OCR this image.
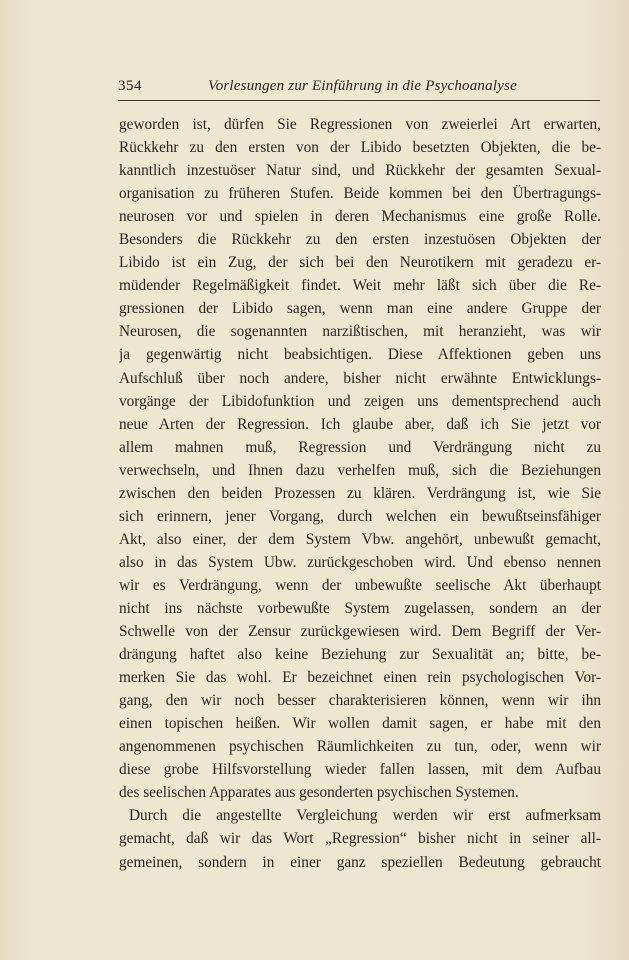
354	Vorlesungen zur Einführung in die Psychoanalyse
geworden ist, dürfen Sie Regressionen von zweierlei Art erwarten,
Rückkehr zu den ersten von der Libido besetzten Objekten, die be-
kanntlich inzestuöser Natur sind, und Rückkehr der gesamten Sexual-
organisation zu früheren Stufen. Beide kommen bei den Übertragungs-
neurosen vor und spielen in deren Mechanismus eine große Rolle.
Besonders die Rückkehr zu den ersten inzestuösen Objekten der
Libido ist ein Zug, der sich bei den Neurotikern mit geradezu er-
müdender Regelmäßigkeit findet. Weit mehr läßt sich über die Re-
gressionen der Libido sagen, wenn man eine andere Gruppe der
Neurosen, die sogenannten narzißtischen, mit heranzieht, was wir
ja gegenwärtig nicht beabsichtigen. Diese Affektionen geben uns
Aufschluß über noch andere, bisher nicht erwähnte Entwicklungs-
vorgänge der Libidofunktion und zeigen uns dementsprechend auch
neue Arten der Regression. Ich glaube aber, daß ich Sie jetzt vor
allem mahnen muß, Regression und Verdrängung nicht zu
verwechseln, und Ihnen dazu verhelfen muß, sich die Beziehungen
zwischen den beiden Prozessen zu klären. Verdrängung ist, wie Sie
sich erinnern, jener Vorgang, durch welchen ein bewußtseinsfähiger
Akt, also einer, der dem System Vbw. angehört, unbewußt gemacht,
also in das System Ubw. zurückgeschoben wird. Und ebenso nennen
wir es Verdrängung, wenn der unbewußte seelische Akt überhaupt
nicht ins nächste vorbewußte System zugelassen, sondern an der
Schwelle von der Zensur zurückgewiesen wird. Dem Begriff der Ver-
drängung haftet also keine Beziehung zur Sexualität an; bitte, be-
merken Sie das wohl. Er bezeichnet einen rein psychologischen Vor-
gang, den wir noch besser charakterisieren können, wenn wir ihn
einen topischen heißen. Wir wollen damit sagen, er habe mit den
angenommenen psychischen Räumlichkeiten zu tun, oder, wenn wir
diese grobe Hilfsvorstellung wieder fallen lassen, mit dem Aufbau
des seelischen Apparates aus gesonderten psychischen Systemen.
Durch die angestellte Vergleichung werden wir erst aufmerksam
gemacht, daß wir das Wort „Regression“ bisher nicht in seiner all-
gemeinen, sondern in einer ganz speziellen Bedeutung gebraucht
